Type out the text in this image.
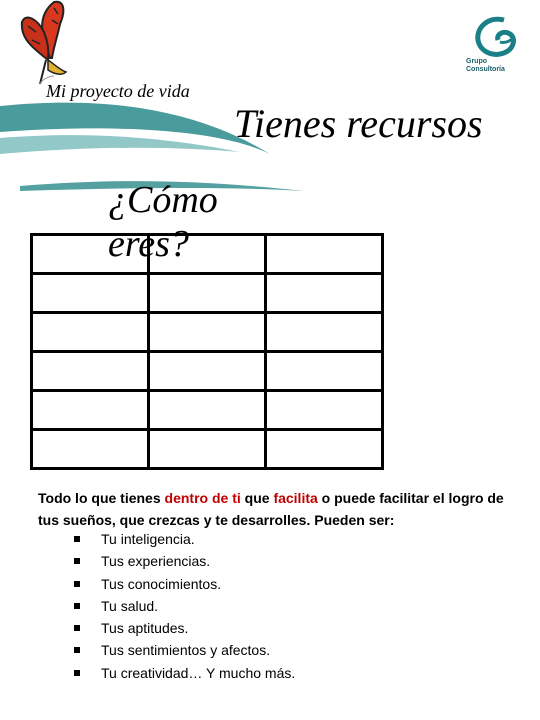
Grupo
Consultoría
Mi proyecto de vida
Tienes recursos
¿Cómo eres?

Todo lo que tienes dentro de ti que facilita o puede facilitar el logro de tus sueños, que crezcas y te desarrolles. Pueden ser:
Tu inteligencia.
Tus experiencias.
Tus conocimientos.
Tu salud.
Tus aptitudes.
Tus sentimientos y afectos.
Tu creatividad… Y mucho más.
